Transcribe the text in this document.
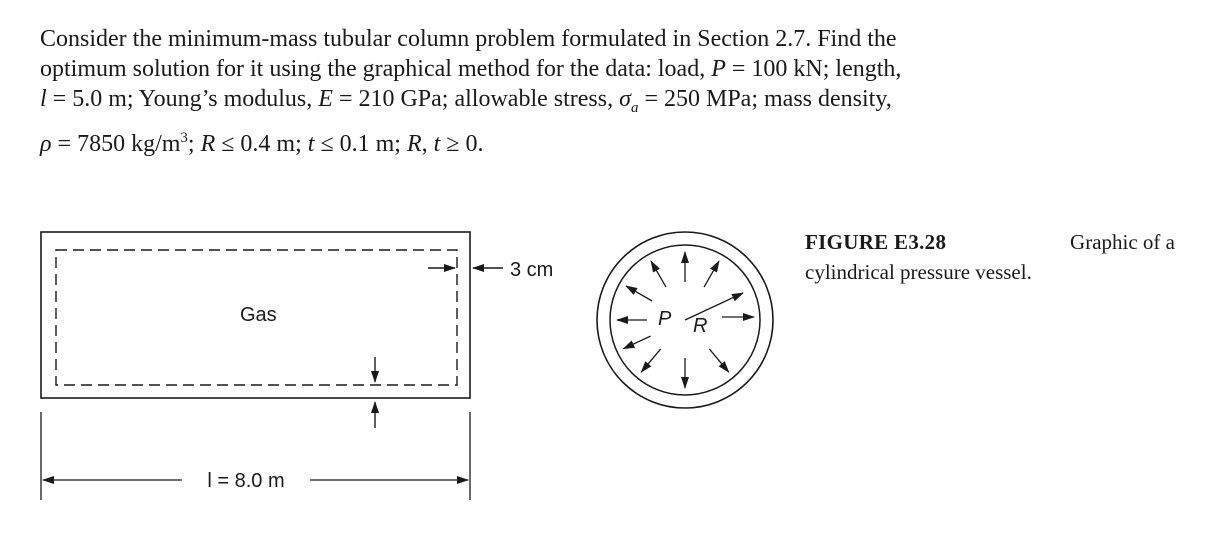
Consider the minimum-mass tubular column problem formulated in Section 2.7. Find the

optimum solution for it using the graphical method for the data: load, P = 100 kN; length,

l = 5.0 m; Young’s modulus, E = 210 GPa; allowable stress, $\sigma_a = 250$ MPa; mass density,

ρ = 7850 $kg/m^3$; R ≤ 0.4 m; t ≤ 0.1 m; R, t ≥ 0.

Gas
3 cm
l = 8.0 m
P R
FIGURE E3.28	Graphic of a
cylindrical pressure vessel.
